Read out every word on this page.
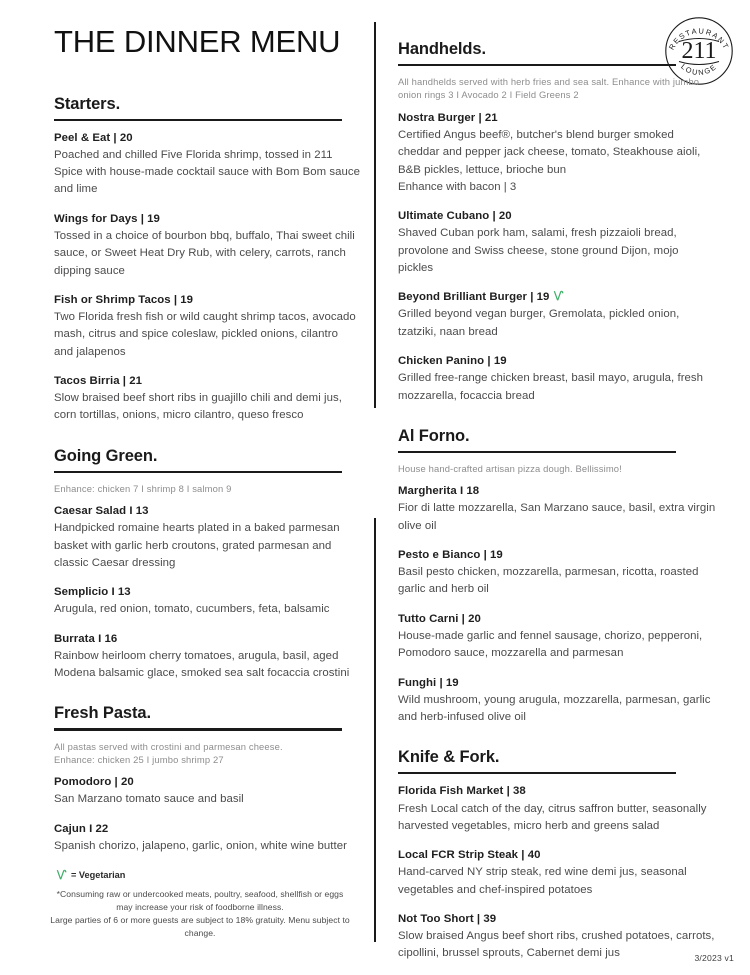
RESTAURANT
LOUNGE
211
THE DINNER MENU
Starters.
Peel & Eat | 20
Poached and chilled Five Florida shrimp, tossed in 211 Spice with house-made cocktail sauce with Bom Bom sauce and lime
Wings for Days | 19
Tossed in a choice of bourbon bbq, buffalo, Thai sweet chili sauce, or Sweet Heat Dry Rub, with celery, carrots, ranch dipping sauce
Fish or Shrimp Tacos | 19
Two Florida fresh fish or wild caught shrimp tacos, avocado mash, citrus and spice coleslaw, pickled onions, cilantro and jalapenos
Tacos Birria | 21
Slow braised beef short ribs in guajillo chili and demi jus, corn tortillas, onions, micro cilantro, queso fresco
Going Green.
Enhance: chicken 7 I shrimp 8 I salmon 9
Caesar Salad I 13
Handpicked romaine hearts plated in a baked parmesan basket with garlic herb croutons, grated parmesan and classic Caesar dressing
Semplicio I 13
Arugula, red onion, tomato, cucumbers, feta, balsamic
Burrata I 16
Rainbow heirloom cherry tomatoes, arugula, basil, aged Modena balsamic glace, smoked sea salt focaccia crostini
Fresh Pasta.
All pastas served with crostini and parmesan cheese.
Enhance: chicken 25 I jumbo shrimp 27
Pomodoro | 20
San Marzano tomato sauce and basil
Cajun I 22
Spanish chorizo, jalapeno, garlic, onion, white wine butter
= Vegetarian
*Consuming raw or undercooked meats, poultry, seafood, shellfish or eggs may increase your risk of foodborne illness.
Large parties of 6 or more guests are subject to 18% gratuity. Menu subject to change.
Handhelds.
All handhelds served with herb fries and sea salt. Enhance with jumbo onion rings 3 I Avocado 2 I Field Greens 2
Nostra Burger | 21
Certified Angus beef®, butcher's blend burger smoked cheddar and pepper jack cheese, tomato, Steakhouse aioli, B&B pickles, lettuce, brioche bun
Enhance with bacon | 3
Ultimate Cubano | 20
Shaved Cuban pork ham, salami, fresh pizzaioli bread, provolone and Swiss cheese, stone ground Dijon, mojo pickles
Beyond Brilliant Burger | 19
Grilled beyond vegan burger, Gremolata, pickled onion, tzatziki, naan bread
Chicken Panino | 19
Grilled free-range chicken breast, basil mayo, arugula, fresh mozzarella, focaccia bread
Al Forno.
House hand-crafted artisan pizza dough. Bellissimo!
Margherita I 18
Fior di latte mozzarella, San Marzano sauce, basil, extra virgin olive oil
Pesto e Bianco | 19
Basil pesto chicken, mozzarella, parmesan, ricotta, roasted garlic and herb oil
Tutto Carni | 20
House-made garlic and fennel sausage, chorizo, pepperoni, Pomodoro sauce, mozzarella and parmesan
Funghi | 19
Wild mushroom, young arugula, mozzarella, parmesan, garlic and herb-infused olive oil
Knife & Fork.
Florida Fish Market | 38
Fresh Local catch of the day, citrus saffron butter, seasonally harvested vegetables, micro herb and greens salad
Local FCR Strip Steak | 40
Hand-carved NY strip steak, red wine demi jus, seasonal vegetables and chef-inspired potatoes
Not Too Short | 39
Slow braised Angus beef short ribs, crushed potatoes, carrots, cipollini, brussel sprouts, Cabernet demi jus	3/2023 v1
